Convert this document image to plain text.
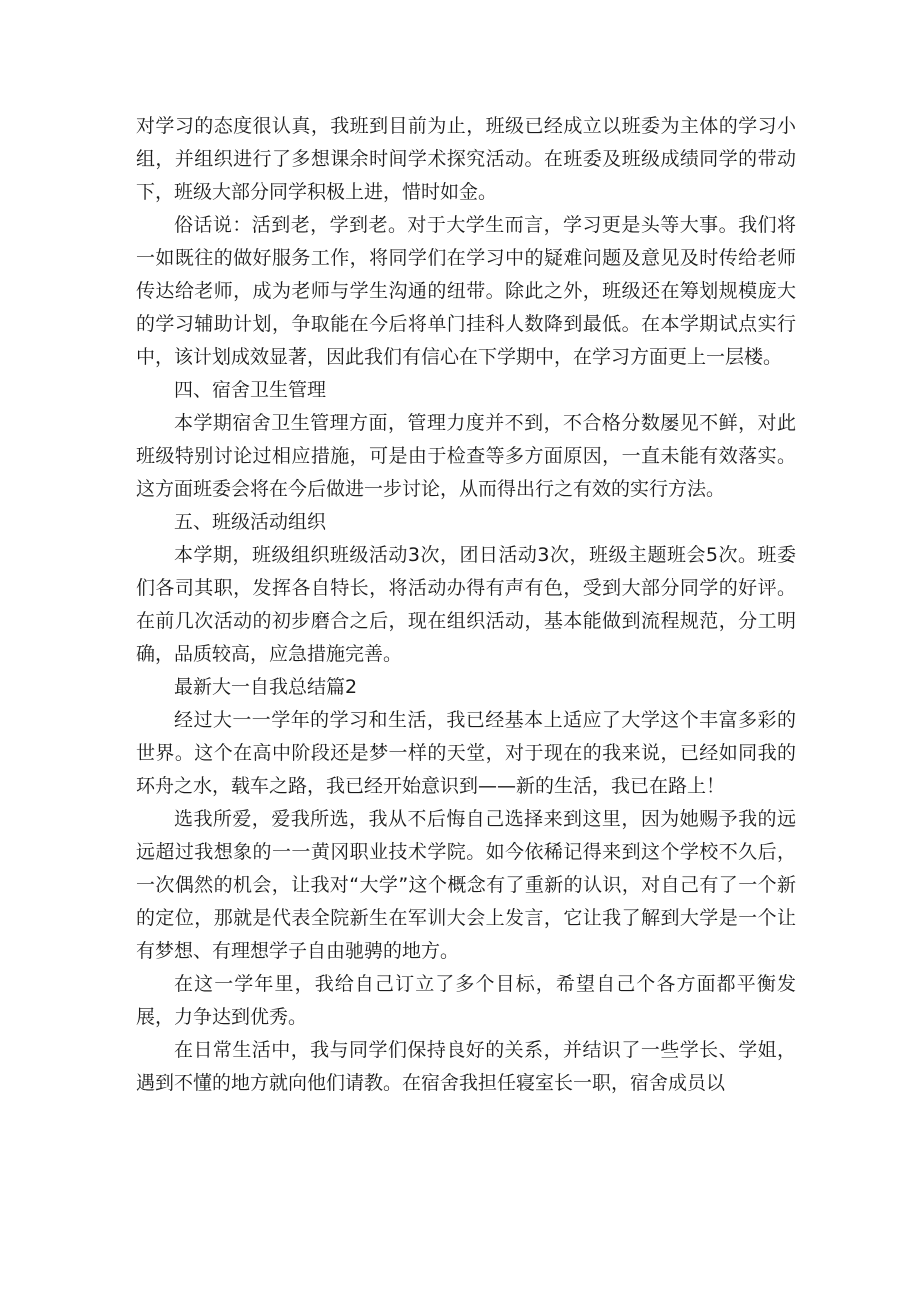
对学习的态度很认真，我班到目前为止，班级已经成立以班委为主体的学习小组，并组织进行了多想课余时间学术探究活动。在班委及班级成绩同学的带动下，班级大部分同学积极上进，惜时如金。

俗话说：活到老，学到老。对于大学生而言，学习更是头等大事。我们将一如既往的做好服务工作，将同学们在学习中的疑难问题及意见及时传给老师传达给老师，成为老师与学生沟通的纽带。除此之外，班级还在筹划规模庞大的学习辅助计划，争取能在今后将单门挂科人数降到最低。在本学期试点实行中，该计划成效显著，因此我们有信心在下学期中，在学习方面更上一层楼。

四、宿舍卫生管理

本学期宿舍卫生管理方面，管理力度并不到，不合格分数屡见不鲜，对此班级特别讨论过相应措施，可是由于检查等多方面原因，一直未能有效落实。这方面班委会将在今后做进一步讨论，从而得出行之有效的实行方法。

五、班级活动组织

本学期，班级组织班级活动3次，团日活动3次，班级主题班会5次。班委们各司其职，发挥各自特长，将活动办得有声有色，受到大部分同学的好评。在前几次活动的初步磨合之后，现在组织活动，基本能做到流程规范，分工明确，品质较高，应急措施完善。

最新大一自我总结篇2

经过大一一学年的学习和生活，我已经基本上适应了大学这个丰富多彩的世界。这个在高中阶段还是梦一样的天堂，对于现在的我来说，已经如同我的环舟之水，载车之路，我已经开始意识到——新的生活，我已在路上！

选我所爱，爱我所选，我从不后悔自己选择来到这里，因为她赐予我的远远超过我想象的一一黄冈职业技术学院。如今依稀记得来到这个学校不久后，一次偶然的机会，让我对“大学”这个概念有了重新的认识，对自己有了一个新的定位，那就是代表全院新生在军训大会上发言，它让我了解到大学是一个让有梦想、有理想学子自由驰骋的地方。

在这一学年里，我给自己订立了多个目标，希望自己个各方面都平衡发展，力争达到优秀。

在日常生活中，我与同学们保持良好的关系，并结识了一些学长、学姐，遇到不懂的地方就向他们请教。在宿舍我担任寝室长一职，宿舍成员以
